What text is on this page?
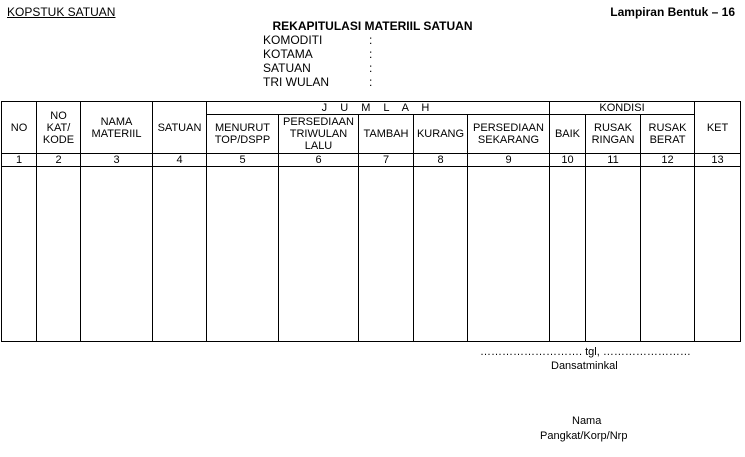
KOPSTUK SATUAN	Lampiran Bentuk – 16
REKAPITULASI MATERIIL SATUAN
KOMODITI	:
KOTAMA	:
SATUAN	:
TRI WULAN	:
NO	NO KAT/ KODE	NAMA MATERIIL	SATUAN	J U M L A H					KONDISI			KET
				MENURUT TOP/DSPP	PERSEDIAAN TRIWULAN LALU	TAMBAH	KURANG	PERSEDIAAN SEKARANG	BAIK	RUSAK RINGAN	RUSAK BERAT	
1	2	3	4	5	6	7	8	9	10	11	12	13

………………………. tgl, ……………………
Dansatminkal
Nama
Pangkat/Korp/Nrp
